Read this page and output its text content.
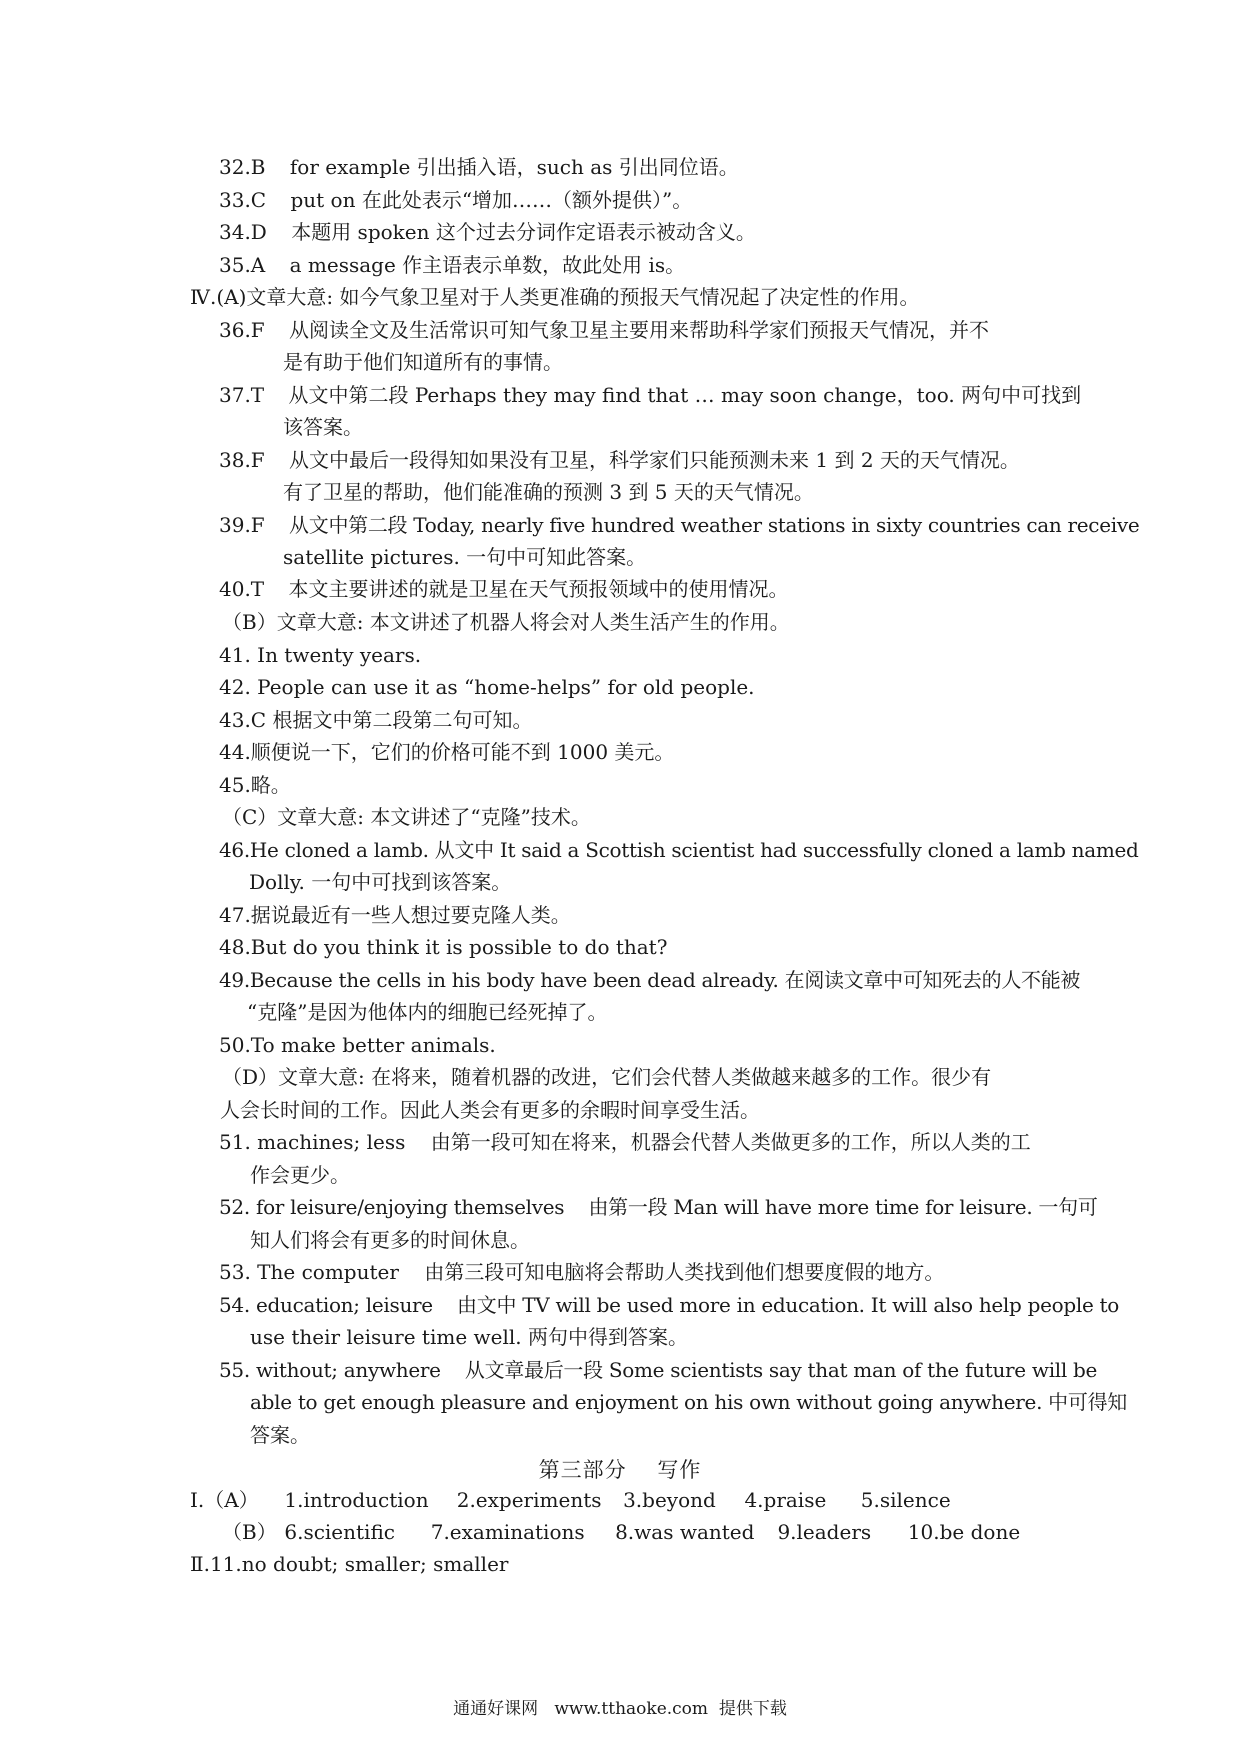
32.B for example 引出插入语，such as 引出同位语。
33.C put on 在此处表示“增加……（额外提供）”。
34.D 本题用 spoken 这个过去分词作定语表示被动含义。
35.A a message 作主语表示单数，故此处用 is。
Ⅳ.(A)文章大意: 如今气象卫星对于人类更准确的预报天气情况起了决定性的作用。
36.F 从阅读全文及生活常识可知气象卫星主要用来帮助科学家们预报天气情况，并不
是有助于他们知道所有的事情。
37.T 从文中第二段 Perhaps they may find that … may soon change，too. 两句中可找到
该答案。
38.F 从文中最后一段得知如果没有卫星，科学家们只能预测未来 1 到 2 天的天气情况。
有了卫星的帮助，他们能准确的预测 3 到 5 天的天气情况。
39.F 从文中第二段 Today, nearly five hundred weather stations in sixty countries can receive
satellite pictures. 一句中可知此答案。
40.T 本文主要讲述的就是卫星在天气预报领域中的使用情况。
（B）文章大意: 本文讲述了机器人将会对人类生活产生的作用。
41. In twenty years.
42. People can use it as “home-helps” for old people.
43.C 根据文中第二段第二句可知。
44.顺便说一下，它们的价格可能不到 1000 美元。
45.略。
（C）文章大意: 本文讲述了“克隆”技术。
46.He cloned a lamb. 从文中 It said a Scottish scientist had successfully cloned a lamb named
Dolly. 一句中可找到该答案。
47.据说最近有一些人想过要克隆人类。
48.But do you think it is possible to do that?
49.Because the cells in his body have been dead already. 在阅读文章中可知死去的人不能被
“克隆”是因为他体内的细胞已经死掉了。
50.To make better animals.
（D）文章大意: 在将来，随着机器的改进，它们会代替人类做越来越多的工作。很少有
人会长时间的工作。因此人类会有更多的余暇时间享受生活。
51. machines; less    由第一段可知在将来，机器会代替人类做更多的工作，所以人类的工
作会更少。
52. for leisure/enjoying themselves    由第一段 Man will have more time for leisure. 一句可
知人们将会有更多的时间休息。
53. The computer    由第三段可知电脑将会帮助人类找到他们想要度假的地方。
54. education; leisure    由文中 TV will be used more in education. It will also help people to
use their leisure time well. 两句中得到答案。
55. without; anywhere    从文章最后一段 Some scientists say that man of the future will be
able to get enough pleasure and enjoyment on his own without going anywhere. 中可得知
答案。
第三部分    写作
Ⅰ.（A） 1.introduction 2.experiments 3.beyond 4.praise 5.silence
（B） 6.scientific 7.examinations 8.was wanted 9.leaders 10.be done
Ⅱ.11.no doubt; smaller; smaller
通通好课网   www.tthaoke.com  提供下载
